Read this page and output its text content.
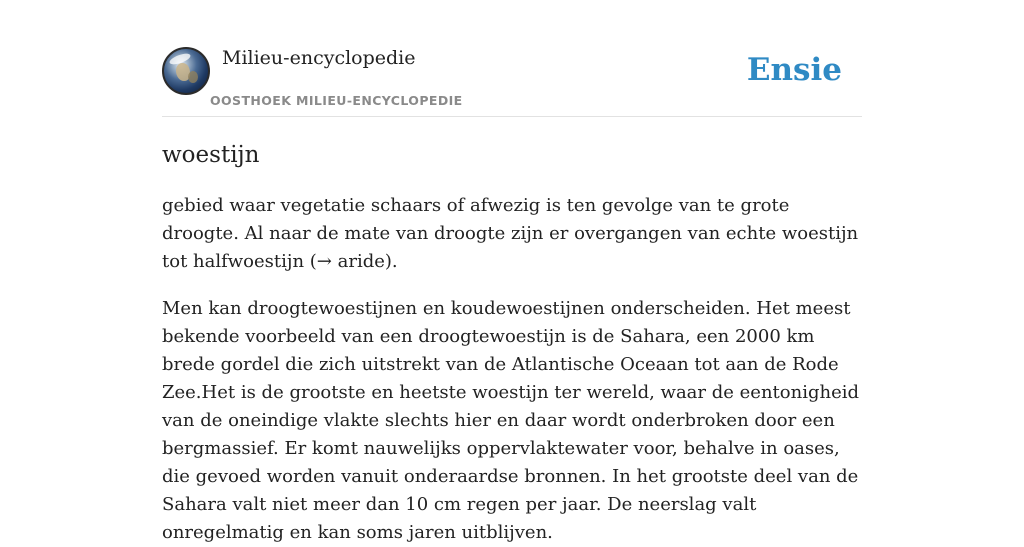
Milieu-encyclopedie
OOSTHOEK MILIEU-ENCYCLOPEDIE
Ensie
woestijn

gebied waar vegetatie schaars of afwezig is ten gevolge van te grote droogte. Al naar de mate van droogte zijn er overgangen van echte woestijn tot halfwoestijn (→ aride).

Men kan droogtewoestijnen en koudewoestijnen onderscheiden. Het meest bekende voorbeeld van een droogtewoestijn is de Sahara, een 2000 km brede gordel die zich uitstrekt van de Atlantische Oceaan tot aan de Rode Zee.Het is de grootste en heetste woestijn ter wereld, waar de eentonigheid van de oneindige vlakte slechts hier en daar wordt onderbroken door een bergmassief. Er komt nauwelijks oppervlaktewater voor, behalve in oases, die gevoed worden vanuit onderaardse bronnen. In het grootste deel van de Sahara valt niet meer dan 10 cm regen per jaar. De neerslag valt onregelmatig en kan soms jaren uitblijven.
